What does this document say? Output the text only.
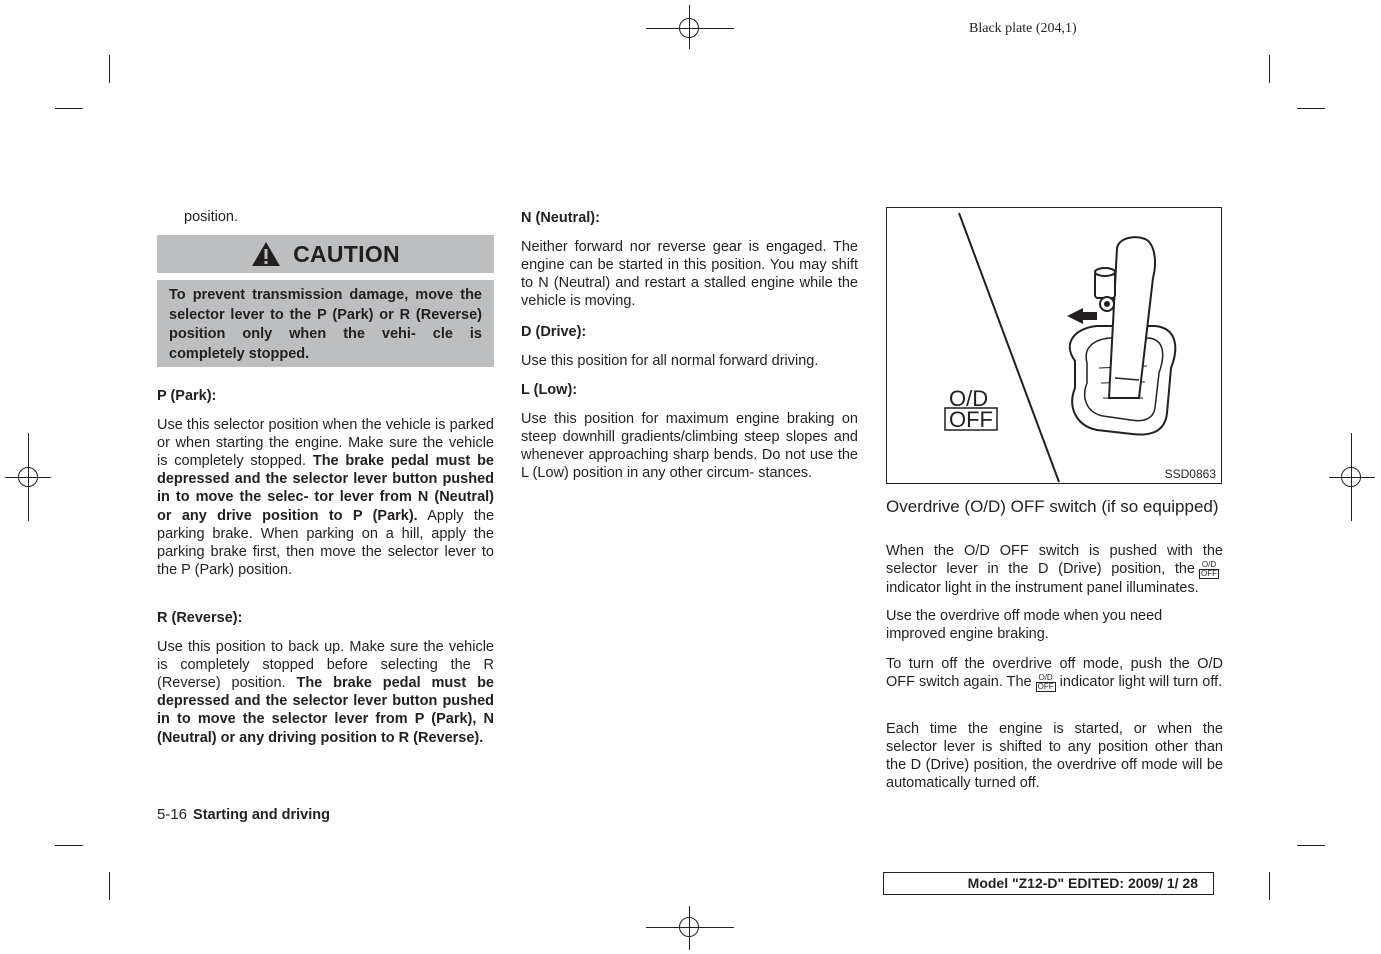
Black plate (204,1)
position.
CAUTION
To prevent transmission damage, move the selector lever to the P (Park) or R (Reverse) position only when the vehi- cle is completely stopped.
P (Park):

Use this selector position when the vehicle is parked or when starting the engine. Make sure the vehicle is completely stopped. The brake pedal must be depressed and the selector lever button pushed in to move the selec- tor lever from N (Neutral) or any drive position to P (Park). Apply the parking brake. When parking on a hill, apply the parking brake first, then move the selector lever to the P (Park) position.

R (Reverse):

Use this position to back up. Make sure the vehicle is completely stopped before selecting the R (Reverse) position. The brake pedal must be depressed and the selector lever button pushed in to move the selector lever from P (Park), N (Neutral) or any driving position to R (Reverse).

N (Neutral):

Neither forward nor reverse gear is engaged. The engine can be started in this position. You may shift to N (Neutral) and restart a stalled engine while the vehicle is moving.

D (Drive):

Use this position for all normal forward driving.

L (Low):

Use this position for maximum engine braking on steep downhill gradients/climbing steep slopes and whenever approaching sharp bends. Do not use the L (Low) position in any other circum- stances.

O/D
OFF
SSD0863
Overdrive (O/D) OFF switch (if so equipped)

When the O/D OFF switch is pushed with the selector lever in the D (Drive) position, the O/D
OFF
indicator light in the instrument panel illuminates.

Use the overdrive off mode when you need improved engine braking.

To turn off the overdrive off mode, push the O/D OFF switch again. The O/D
OFF indicator light will turn off.

Each time the engine is started, or when the selector lever is shifted to any position other than the D (Drive) position, the overdrive off mode will be automatically turned off.

5-16 Starting and driving
Model "Z12-D" EDITED: 2009/ 1/ 28
